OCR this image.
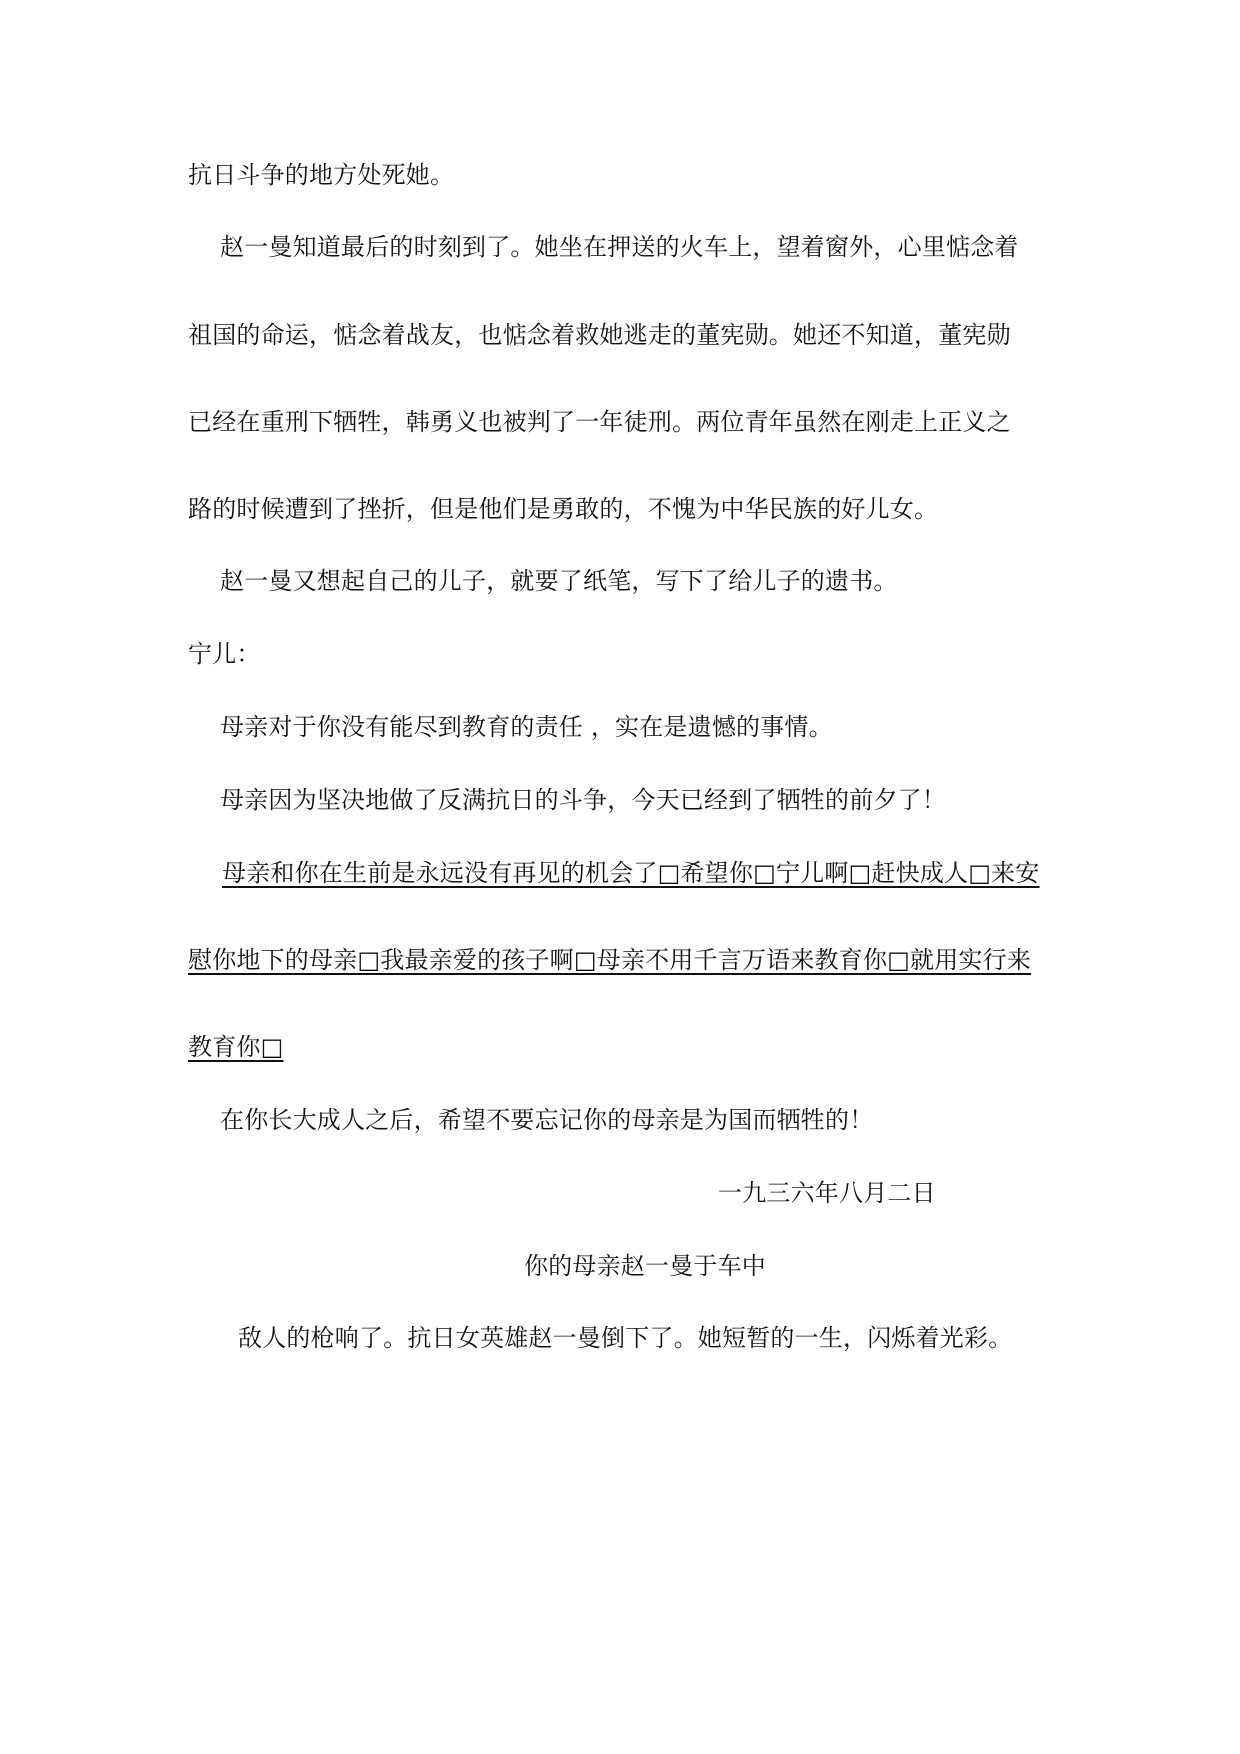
抗日斗争的地方处死她。
赵一曼知道最后的时刻到了。她坐在押送的火车上，望着窗外，心里惦念着
祖国的命运，惦念着战友，也惦念着救她逃走的董宪勋。她还不知道，董宪勋
已经在重刑下牺牲，韩勇义也被判了一年徒刑。两位青年虽然在刚走上正义之
路的时候遭到了挫折，但是他们是勇敢的，不愧为中华民族的好儿女。
赵一曼又想起自己的儿子，就要了纸笔，写下了给儿子的遗书。
宁儿：
母亲对于你没有能尽到教育的责任 ，实在是遗憾的事情。
母亲因为坚决地做了反满抗日的斗争，今天已经到了牺牲的前夕了！
母亲和你在生前是永远没有再见的机会了□希望你□宁儿啊□赶快成人□来安
慰你地下的母亲□我最亲爱的孩子啊□母亲不用千言万语来教育你□就用实行来
教育你□
在你长大成人之后，希望不要忘记你的母亲是为国而牺牲的！
一九三六年八月二日
你的母亲赵一曼于车中
敌人的枪响了。抗日女英雄赵一曼倒下了。她短暂的一生，闪烁着光彩。
